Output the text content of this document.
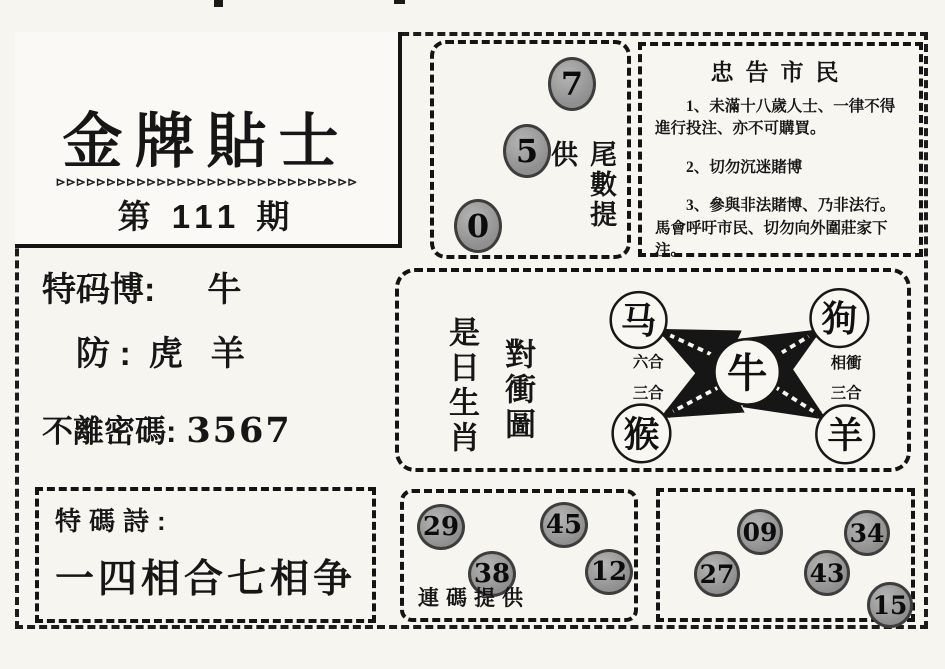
金牌貼士
⊳⊳⊳⊳⊳⊳⊳⊳⊳⊳⊳⊳⊳⊳⊳⊳⊳⊳⊳⊳⊳⊳⊳⊳⊳⊳⊳⊳⊳⊳
第 111 期
特码博: 牛
防 : 虎羊
不離密碼: 3567
特碼詩:
一四相合七相争
7
5
0	尾數提供
忠告市民

1、未滿十八歲人士、一律不得進行投注、亦不可購買。

2、切勿沉迷賭博

3、參與非法賭博、乃非法行。馬會呼吁市民、切勿向外圍莊家下注。

是日生肖 對衝圖
马	狗
牛
猴	羊
六合	相衝
三合	三合
29	45
38	12
連碼提供
09	34
27	43
15
